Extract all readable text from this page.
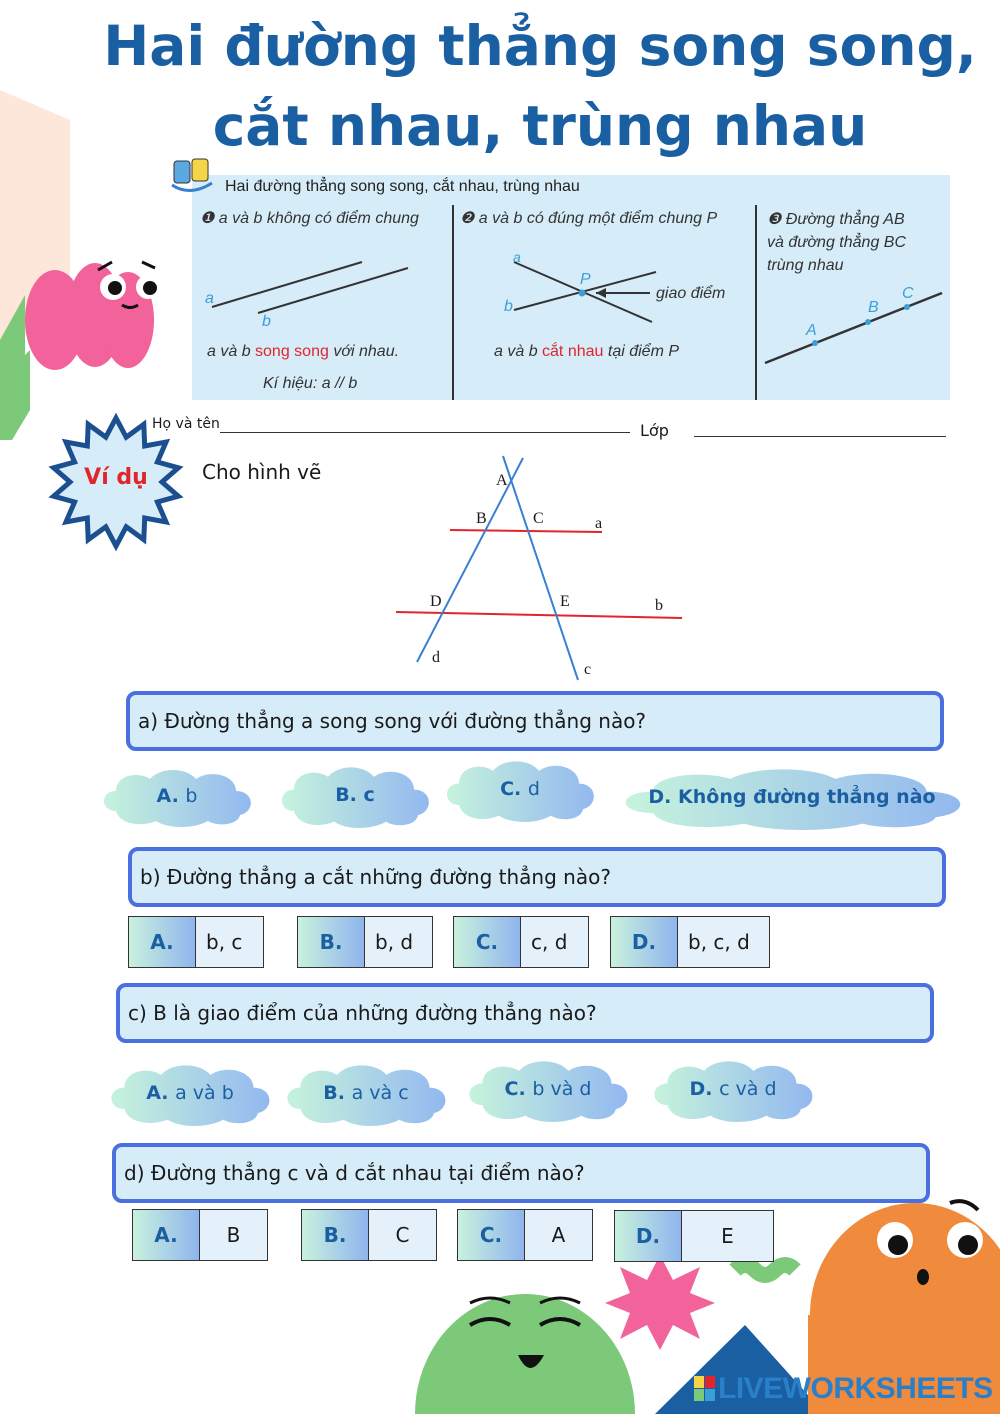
Hai đường thẳng song song,
cắt nhau, trùng nhau
Hai đường thẳng song song, cắt nhau, trùng nhau
❶ a và b không có điểm chung
a
b
a và b song song với nhau.
Kí hiệu: a // b
❷ a và b có đúng một điểm chung P
a
b
P
giao điểm
a và b cắt nhau tại điểm P
❸ Đường thẳng AB
và đường thẳng BC
trùng nhau
A
B
C
Họ và tên	Lớp
Ví dụ	Cho hình vẽ	A
B	C	a
D	E	b
d
c
a) Đường thẳng a song song với đường thẳng nào?
A. b	B. c	C. d	D. Không đường thẳng nào
b) Đường thẳng a cắt những đường thẳng nào?
A.	b, c	B.	b, d	C.	c, d	D.	b, c, d
c) B là giao điểm của những đường thẳng nào?
A. a và b	B. a và c	C. b và d	D. c và d
d) Đường thẳng c và d cắt nhau tại điểm nào?
A.	B	B.	C	C.	A	D.	E
LIVEWORKSHEETS
